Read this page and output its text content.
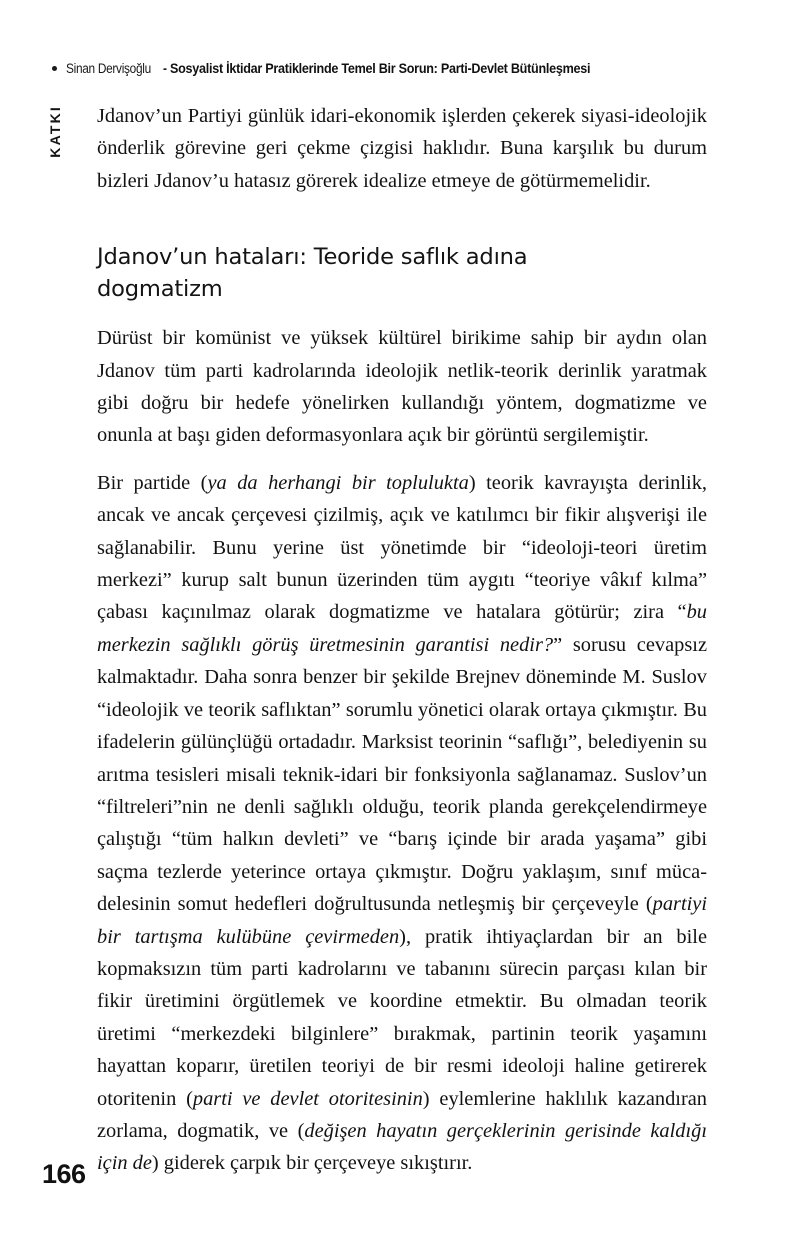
Sinan Dervişoğlu - Sosyalist İktidar Pratiklerinde Temel Bir Sorun: Parti-Devlet Bütünleşmesi
KATKI Jdanov’un Partiyi günlük idari-ekonomik işlerden çekerek siyasi-ideolojik önderlik görevine geri çekme çizgisi haklıdır. Buna karşılık bu durum bizleri Jdanov’u hatasız görerek idealize etmeye de götürmemelidir.

Jdanov’un hataları: Teoride saflık adına dogmatizm

Dürüst bir komünist ve yüksek kültürel birikime sahip bir aydın olan Jdanov tüm parti kadrolarında ideolojik netlik-teorik derinlik yaratmak gibi doğru bir hedefe yönelirken kullandığı yöntem, dogmatizme ve onunla at başı giden deformasyonlara açık bir görüntü sergilemiştir.

Bir partide (ya da herhangi bir toplulukta) teorik kavrayışta derinlik, ancak ve ancak çerçevesi çizilmiş, açık ve katılımcı bir fikir alışverişi ile sağlanabilir. Bunu yerine üst yönetimde bir “ideoloji-teori üretim merkezi” kurup salt bunun üzerinden tüm aygıtı “teoriye vâkıf kılma” çabası kaçınılmaz olarak dogmatizme ve hatalara götürür; zira “bu merkezin sağlıklı görüş üretmesinin garantisi nedir?” sorusu cevapsız kalmaktadır. Daha sonra benzer bir şekilde Brejnev döneminde M. Suslov “ideolojik ve teorik saflıktan” sorumlu yönetici olarak ortaya çıkmıştır. Bu ifadelerin gülünçlüğü ortadadır. Marksist teorinin “saflığı”, belediyenin su arıtma tesisleri misali teknik-idari bir fonksiyonla sağlanamaz. Suslov’un “filtreleri”nin ne denli sağlıklı olduğu, teorik planda gerekçelendirmeye çalıştığı “tüm halkın devleti” ve “barış içinde bir arada yaşama” gibi saçma tezlerde yeterince ortaya çıkmıştır. Doğru yaklaşım, sınıf mücadelesinin somut hedefleri doğrultusunda netleşmiş bir çerçeveyle (partiyi bir tartışma kulübüne çevirmeden), pratik ihtiyaçlardan bir an bile kopmaksızın tüm parti kadrolarını ve tabanını sürecin parçası kılan bir fikir üretimini örgütlemek ve koordine etmektir. Bu olmadan teorik üretimi “merkezdeki bilginlere” bırakmak, partinin teorik yaşamını hayattan koparır, üretilen teoriyi de bir resmi ideoloji haline getirerek otoritenin (parti ve devlet otoritesinin) eylemlerine haklılık kazandıran zorlama, dogmatik, ve (değişen hayatın gerçeklerinin gerisinde kaldığı için de) giderek çarpık bir çerçeveye sıkıştırır.

166
